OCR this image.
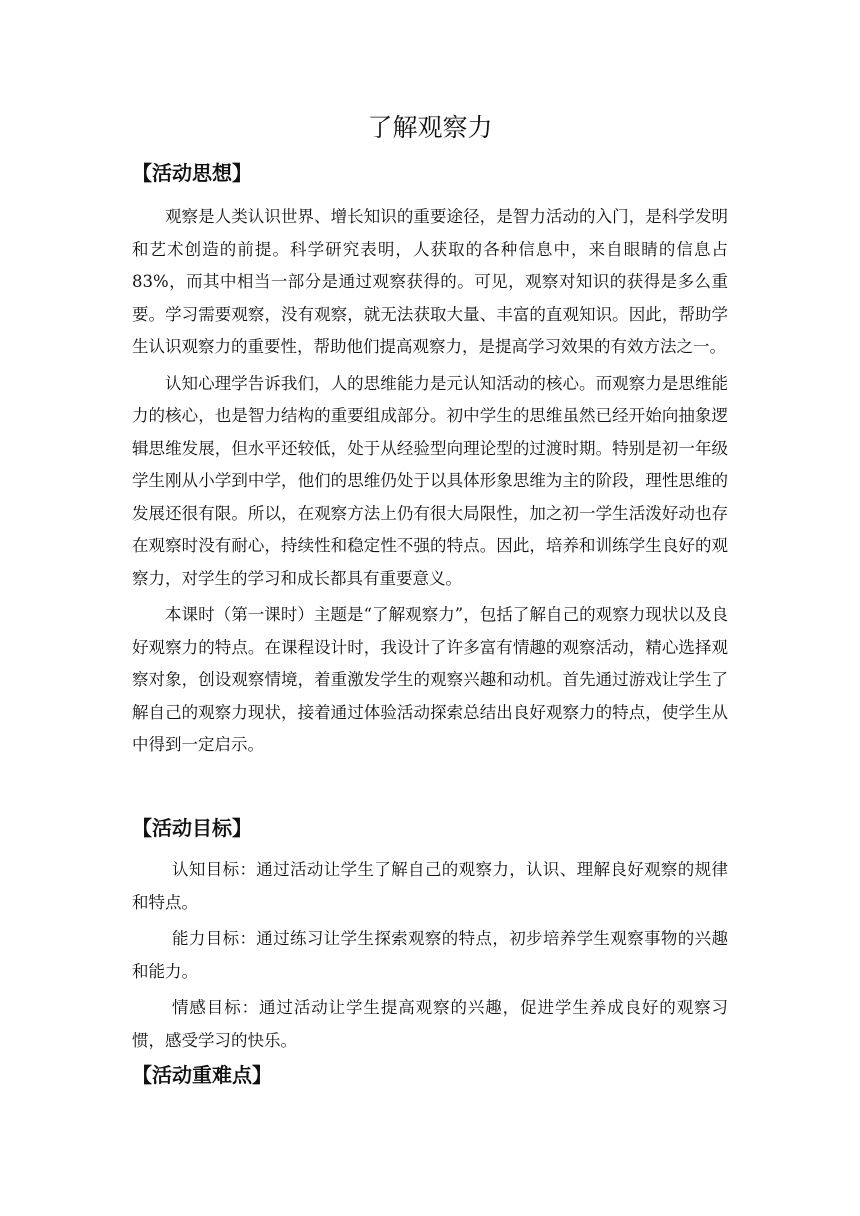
了解观察力
【活动思想】

观察是人类认识世界、增长知识的重要途径，是智力活动的入门，是科学发明和艺术创造的前提。科学研究表明，人获取的各种信息中，来自眼睛的信息占83%，而其中相当一部分是通过观察获得的。可见，观察对知识的获得是多么重要。学习需要观察，没有观察，就无法获取大量、丰富的直观知识。因此，帮助学生认识观察力的重要性，帮助他们提高观察力，是提高学习效果的有效方法之一。

认知心理学告诉我们，人的思维能力是元认知活动的核心。而观察力是思维能力的核心，也是智力结构的重要组成部分。初中学生的思维虽然已经开始向抽象逻辑思维发展，但水平还较低，处于从经验型向理论型的过渡时期。特别是初一年级学生刚从小学到中学，他们的思维仍处于以具体形象思维为主的阶段，理性思维的发展还很有限。所以，在观察方法上仍有很大局限性，加之初一学生活泼好动也存在观察时没有耐心，持续性和稳定性不强的特点。因此，培养和训练学生良好的观察力，对学生的学习和成长都具有重要意义。

本课时（第一课时）主题是“了解观察力”，包括了解自己的观察力现状以及良好观察力的特点。在课程设计时，我设计了许多富有情趣的观察活动，精心选择观察对象，创设观察情境，着重激发学生的观察兴趣和动机。首先通过游戏让学生了解自己的观察力现状，接着通过体验活动探索总结出良好观察力的特点，使学生从中得到一定启示。

【活动目标】

认知目标：通过活动让学生了解自己的观察力，认识、理解良好观察的规律和特点。

能力目标：通过练习让学生探索观察的特点，初步培养学生观察事物的兴趣和能力。

情感目标：通过活动让学生提高观察的兴趣，促进学生养成良好的观察习惯，感受学习的快乐。

【活动重难点】
